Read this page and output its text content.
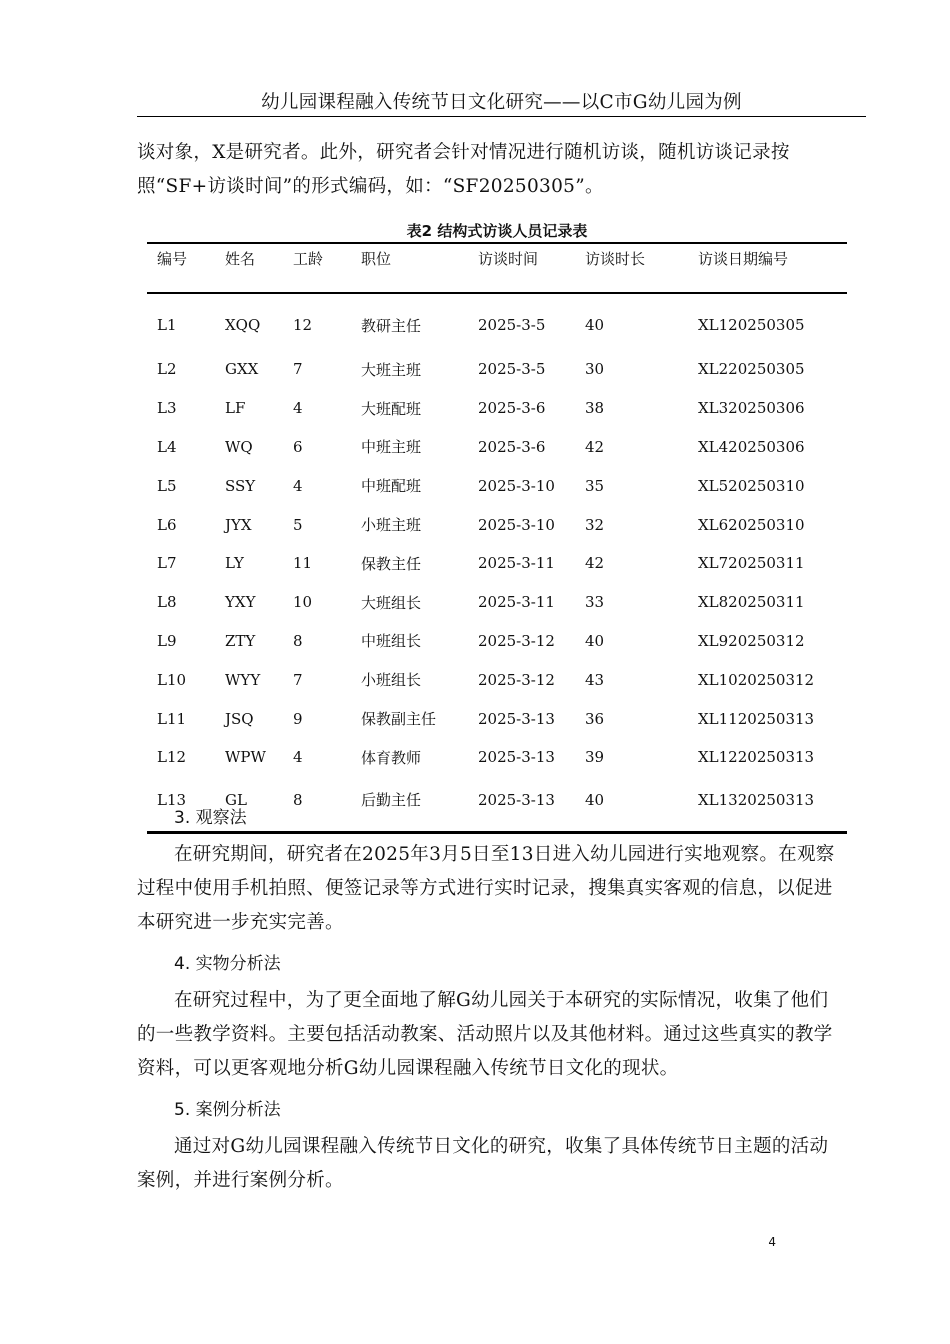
幼儿园课程融入传统节日文化研究——以C市G幼儿园为例
谈对象，X是研究者。此外，研究者会针对情况进行随机访谈，随机访谈记录按
照“SF+访谈时间”的形式编码，如：“SF20250305”。
表2 结构式访谈人员记录表
编号	姓名	工龄	职位	访谈时间	访谈时长	访谈日期编号
L1	XQQ	12	教研主任	2025-3-5	40	XL120250305
L2	GXX	7	大班主班	2025-3-5	30	XL220250305
L3	LF	4	大班配班	2025-3-6	38	XL320250306
L4	WQ	6	中班主班	2025-3-6	42	XL420250306
L5	SSY	4	中班配班	2025-3-10	35	XL520250310
L6	JYX	5	小班主班	2025-3-10	32	XL620250310
L7	LY	11	保教主任	2025-3-11	42	XL720250311
L8	YXY	10	大班组长	2025-3-11	33	XL820250311
L9	ZTY	8	中班组长	2025-3-12	40	XL920250312
L10	WYY	7	小班组长	2025-3-12	43	XL1020250312
L11	JSQ	9	保教副主任	2025-3-13	36	XL1120250313
L12	WPW	4	体育教师	2025-3-13	39	XL1220250313
L13	GL	8	后勤主任	2025-3-13	40	XL1320250313
3. 观察法
在研究期间，研究者在2025年3月5日至13日进入幼儿园进行实地观察。在观察
过程中使用手机拍照、便签记录等方式进行实时记录，搜集真实客观的信息，以促进
本研究进一步充实完善。
4. 实物分析法
在研究过程中，为了更全面地了解G幼儿园关于本研究的实际情况，收集了他们
的一些教学资料。主要包括活动教案、活动照片以及其他材料。通过这些真实的教学
资料，可以更客观地分析G幼儿园课程融入传统节日文化的现状。
5. 案例分析法
通过对G幼儿园课程融入传统节日文化的研究，收集了具体传统节日主题的活动
案例，并进行案例分析。
4
